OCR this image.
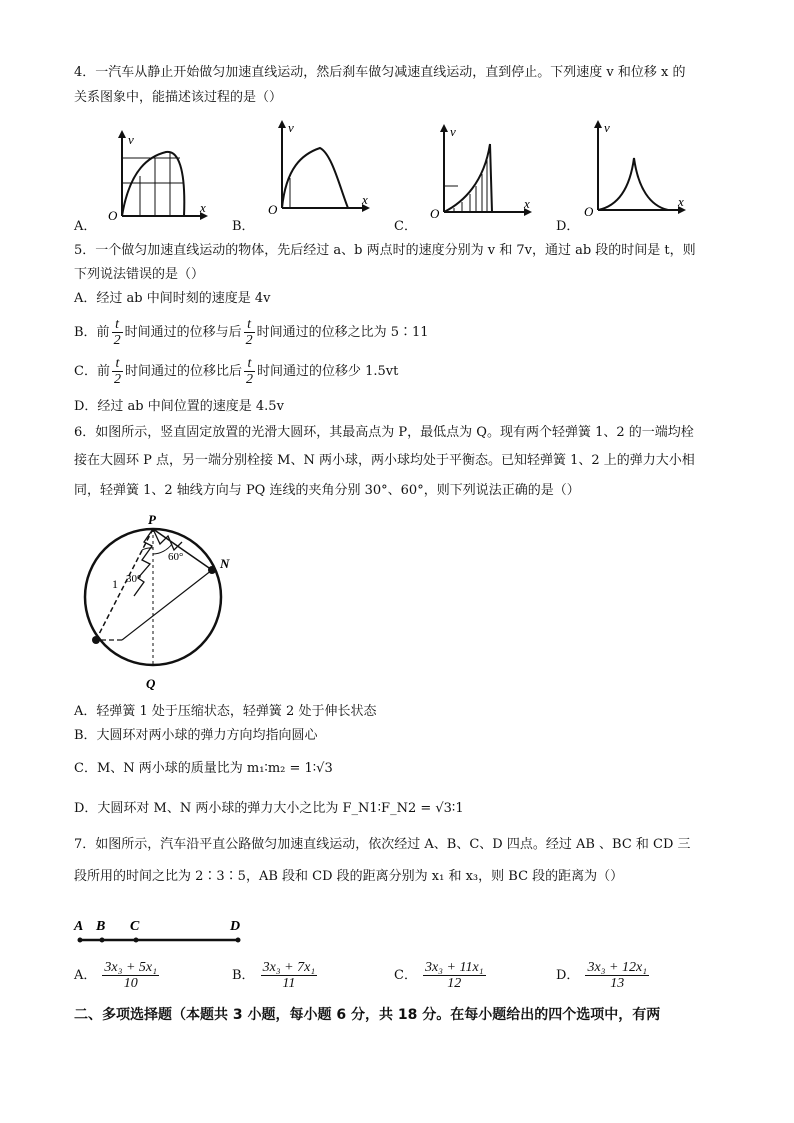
4．一汽车从静止开始做匀加速直线运动，然后刹车做匀减速直线运动，直到停止。下列速度 v 和位移 x 的
关系图象中，能描述该过程的是（）
v
x
O
A．
v
x
O
B．
v
x
O
C．
v
x
O
D．
5．一个做匀加速直线运动的物体，先后经过 a、b 两点时的速度分别为 v 和 7v，通过 ab 段的时间是 t，则
下列说法错误的是（）
A．经过 ab 中间时刻的速度是 4v
B．前 $\frac{t}{2}$ 时间通过的位移与后 $\frac{t}{2}$ 时间通过的位移之比为 5∶11
C．前 $\frac{t}{2}$ 时间通过的位移比后 $\frac{t}{2}$ 时间通过的位移少 1.5vt
D．经过 ab 中间位置的速度是 4.5v
6．如图所示，竖直固定放置的光滑大圆环，其最高点为 P，最低点为 Q。现有两个轻弹簧 1、2 的一端均栓
接在大圆环 P 点，另一端分别栓接 M、N 两小球，两小球均处于平衡态。已知轻弹簧 1、2 上的弹力大小相
同，轻弹簧 1、2 轴线方向与 PQ 连线的夹角分别 30°、60°，则下列说法正确的是（）
P
Q
N
1 30°
60°
A．轻弹簧 1 处于压缩状态，轻弹簧 2 处于伸长状态
B．大圆环对两小球的弹力方向均指向圆心
C．M、N 两小球的质量比为 m₁∶m₂ = 1∶√3
D．大圆环对 M、N 两小球的弹力大小之比为 F_N1∶F_N2 = √3∶1
7．如图所示，汽车沿平直公路做匀加速直线运动，依次经过 A、B、C、D 四点。经过 AB 、BC 和 CD 三
段所用的时间之比为 2∶3∶5，AB 段和 CD 段的距离分别为 x₁ 和 x₃，则 BC 段的距离为（）
A B C	D
A． $\frac{\text{3x₃ + 5x₁}}{10}$	B． $\frac{\text{3x₃ + 7x₁}}{11}$	C． $\frac{\text{3x₃ + 11x₁}}{12}$	D． $\frac{\text{3x₃ + 12x₁}}{13}$
二、多项选择题（本题共 3 小题，每小题 6 分，共 18 分。在每小题给出的四个选项中，有两
